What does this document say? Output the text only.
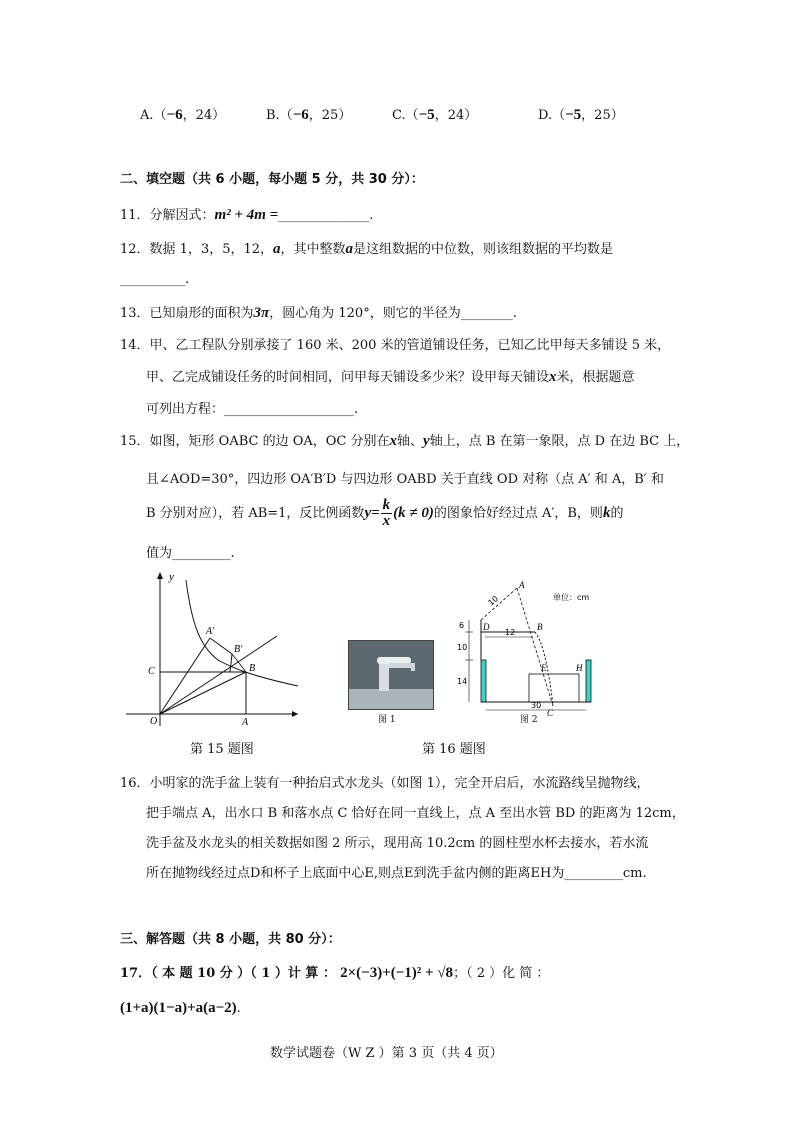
A.（−6，24）	B.（−6，25）	C.（−5，24）	D.（−5，25）
二、填空题（共 6 小题，每小题 5 分，共 30 分）：
11．分解因式：m² + 4m =______________.
12．数据 1，3，5，12，a，其中整数a是这组数据的中位数，则该组数据的平均数是
__________.
13．已知扇形的面积为3π，圆心角为 120°，则它的半径为________.
14．甲、乙工程队分别承接了 160 米、200 米的管道铺设任务，已知乙比甲每天多铺设 5 米，
甲、乙完成铺设任务的时间相同，问甲每天铺设多少米？设甲每天铺设x米，根据题意
可列出方程：____________________.
15．如图，矩形 OABC 的边 OA，OC 分别在x轴、y轴上，点 B 在第一象限，点 D 在边 BC 上，
且∠AOD=30°，四边形 OA′B′D 与四边形 OABD 关于直线 OD 对称（点 A′ 和 A，B′ 和
B 分别对应），若 AB=1，反比例函数$y= \frac{k}{x} (k \ne 0)$的图象恰好经过点 A′，B，则k的
值为_________.
y
O	A
C	B
A′
B′
第 15 题图
图 1
单位：cm
A
B
C
D
E	H
10
6
12
10
14
30
图 2
第 16 题图
16．小明家的洗手盆上装有一种抬启式水龙头（如图 1），完全开启后，水流路线呈抛物线，
把手端点 A，出水口 B 和落水点 C 恰好在同一直线上，点 A 至出水管 BD 的距离为 12cm，
洗手盆及水龙头的相关数据如图 2 所示，现用高 10.2cm 的圆柱型水杯去接水，若水流
所在抛物线经过点D和杯子上底面中心E,则点E到洗手盆内侧的距离EH为_________cm.
三、解答题（共 8 小题，共 80 分）：
17．（ 本 题 10 分 ）（ 1 ）计 算 ： 2×(−3)+(−1)² + √8；（ 2 ）化 简 ：
(1+a)(1−a)+a(a−2).
数学试题卷（W Z ）第 3 页（共 4 页）
